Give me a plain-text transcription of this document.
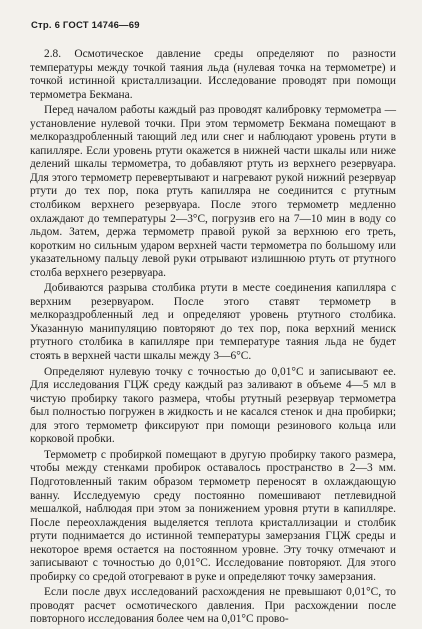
Стр. 6 ГОСТ 14746—69

2.8. Осмотическое давление среды определяют по разности температуры между точкой таяния льда (нулевая точка на термометре) и точкой истинной кристаллизации. Исследование проводят при помощи термометра Бекмана.

Перед началом работы каждый раз проводят калибровку термометра — установление нулевой точки. При этом термометр Бекмана помещают в мелкораздробленный тающий лед или снег и наблюдают уровень ртути в капилляре. Если уровень ртути окажется в нижней части шкалы или ниже делений шкалы термометра, то добавляют ртуть из верхнего резервуара. Для этого термометр перевертывают и нагревают рукой нижний резервуар ртути до тех пор, пока ртуть капилляра не соединится с ртутным столбиком верхнего резервуара. После этого термометр медленно охлаждают до температуры 2—3°С, погрузив его на 7—10 мин в воду со льдом. Затем, держа термометр правой рукой за верхнюю его треть, коротким но сильным ударом верхней части термометра по большому или указательному пальцу левой руки отрывают излишнюю ртуть от ртутного столба верхнего резервуара.

Добиваются разрыва столбика ртути в месте соединения капилляра с верхним резервуаром. После этого ставят термометр в мелкораздробленный лед и определяют уровень ртутного столбика. Указанную манипуляцию повторяют до тех пор, пока верхний мениск ртутного столбика в капилляре при температуре таяния льда не будет стоять в верхней части шкалы между 3—6°С.

Определяют нулевую точку с точностью до 0,01°С и записывают ее. Для исследования ГЦЖ среду каждый раз заливают в объеме 4—5 мл в чистую пробирку такого размера, чтобы ртутный резервуар термометра был полностью погружен в жидкость и не касался стенок и дна пробирки; для этого термометр фиксируют при помощи резинового кольца или корковой пробки.

Термометр с пробиркой помещают в другую пробирку такого размера, чтобы между стенками пробирок оставалось пространство в 2—3 мм. Подготовленный таким образом термометр переносят в охлаждающую ванну. Исследуемую среду постоянно помешивают петлевидной мешалкой, наблюдая при этом за понижением уровня ртути в капилляре. После переохлаждения выделяется теплота кристаллизации и столбик ртути поднимается до истинной температуры замерзания ГЦЖ среды и некоторое время остается на постоянном уровне. Эту точку отмечают и записывают с точностью до 0,01°С. Исследование повторяют. Для этого пробирку со средой отогревают в руке и определяют точку замерзания.

Если после двух исследований расхождения не превышают 0,01°С, то проводят расчет осмотического давления. При расхождении после повторного исследования более чем на 0,01°С прово-
